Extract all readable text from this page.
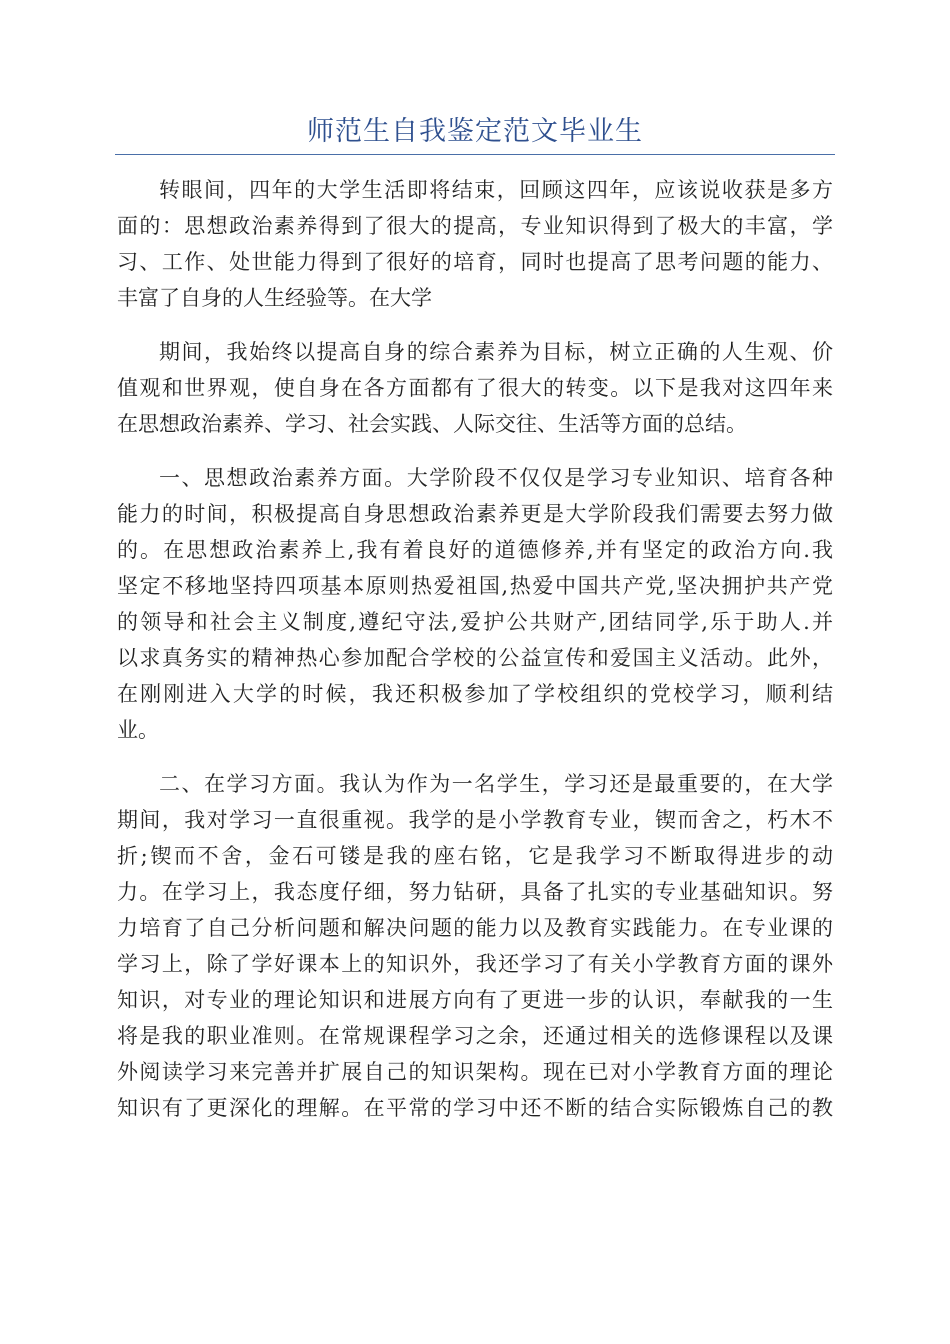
师范生自我鉴定范文毕业生
转眼间，四年的大学生活即将结束，回顾这四年，应该说收获是多方
面的：思想政治素养得到了很大的提高，专业知识得到了极大的丰富，学
习、工作、处世能力得到了很好的培育，同时也提高了思考问题的能力、
丰富了自身的人生经验等。在大学
期间，我始终以提高自身的综合素养为目标，树立正确的人生观、价
值观和世界观，使自身在各方面都有了很大的转变。以下是我对这四年来
在思想政治素养、学习、社会实践、人际交往、生活等方面的总结。
一、思想政治素养方面。大学阶段不仅仅是学习专业知识、培育各种
能力的时间，积极提高自身思想政治素养更是大学阶段我们需要去努力做
的。在思想政治素养上,我有着良好的道德修养,并有坚定的政治方向.我
坚定不移地坚持四项基本原则热爱祖国,热爱中国共产党,坚决拥护共产党
的领导和社会主义制度,遵纪守法,爱护公共财产,团结同学,乐于助人.并
以求真务实的精神热心参加配合学校的公益宣传和爱国主义活动。此外，
在刚刚进入大学的时候，我还积极参加了学校组织的党校学习，顺利结
业。
二、在学习方面。我认为作为一名学生，学习还是最重要的，在大学
期间，我对学习一直很重视。我学的是小学教育专业，锲而舍之，朽木不
折;锲而不舍，金石可镂是我的座右铭，它是我学习不断取得进步的动
力。在学习上，我态度仔细，努力钻研，具备了扎实的专业基础知识。努
力培育了自己分析问题和解决问题的能力以及教育实践能力。在专业课的
学习上，除了学好课本上的知识外，我还学习了有关小学教育方面的课外
知识，对专业的理论知识和进展方向有了更进一步的认识，奉献我的一生
将是我的职业准则。在常规课程学习之余，还通过相关的选修课程以及课
外阅读学习来完善并扩展自己的知识架构。现在已对小学教育方面的理论
知识有了更深化的理解。在平常的学习中还不断的结合实际锻炼自己的教
